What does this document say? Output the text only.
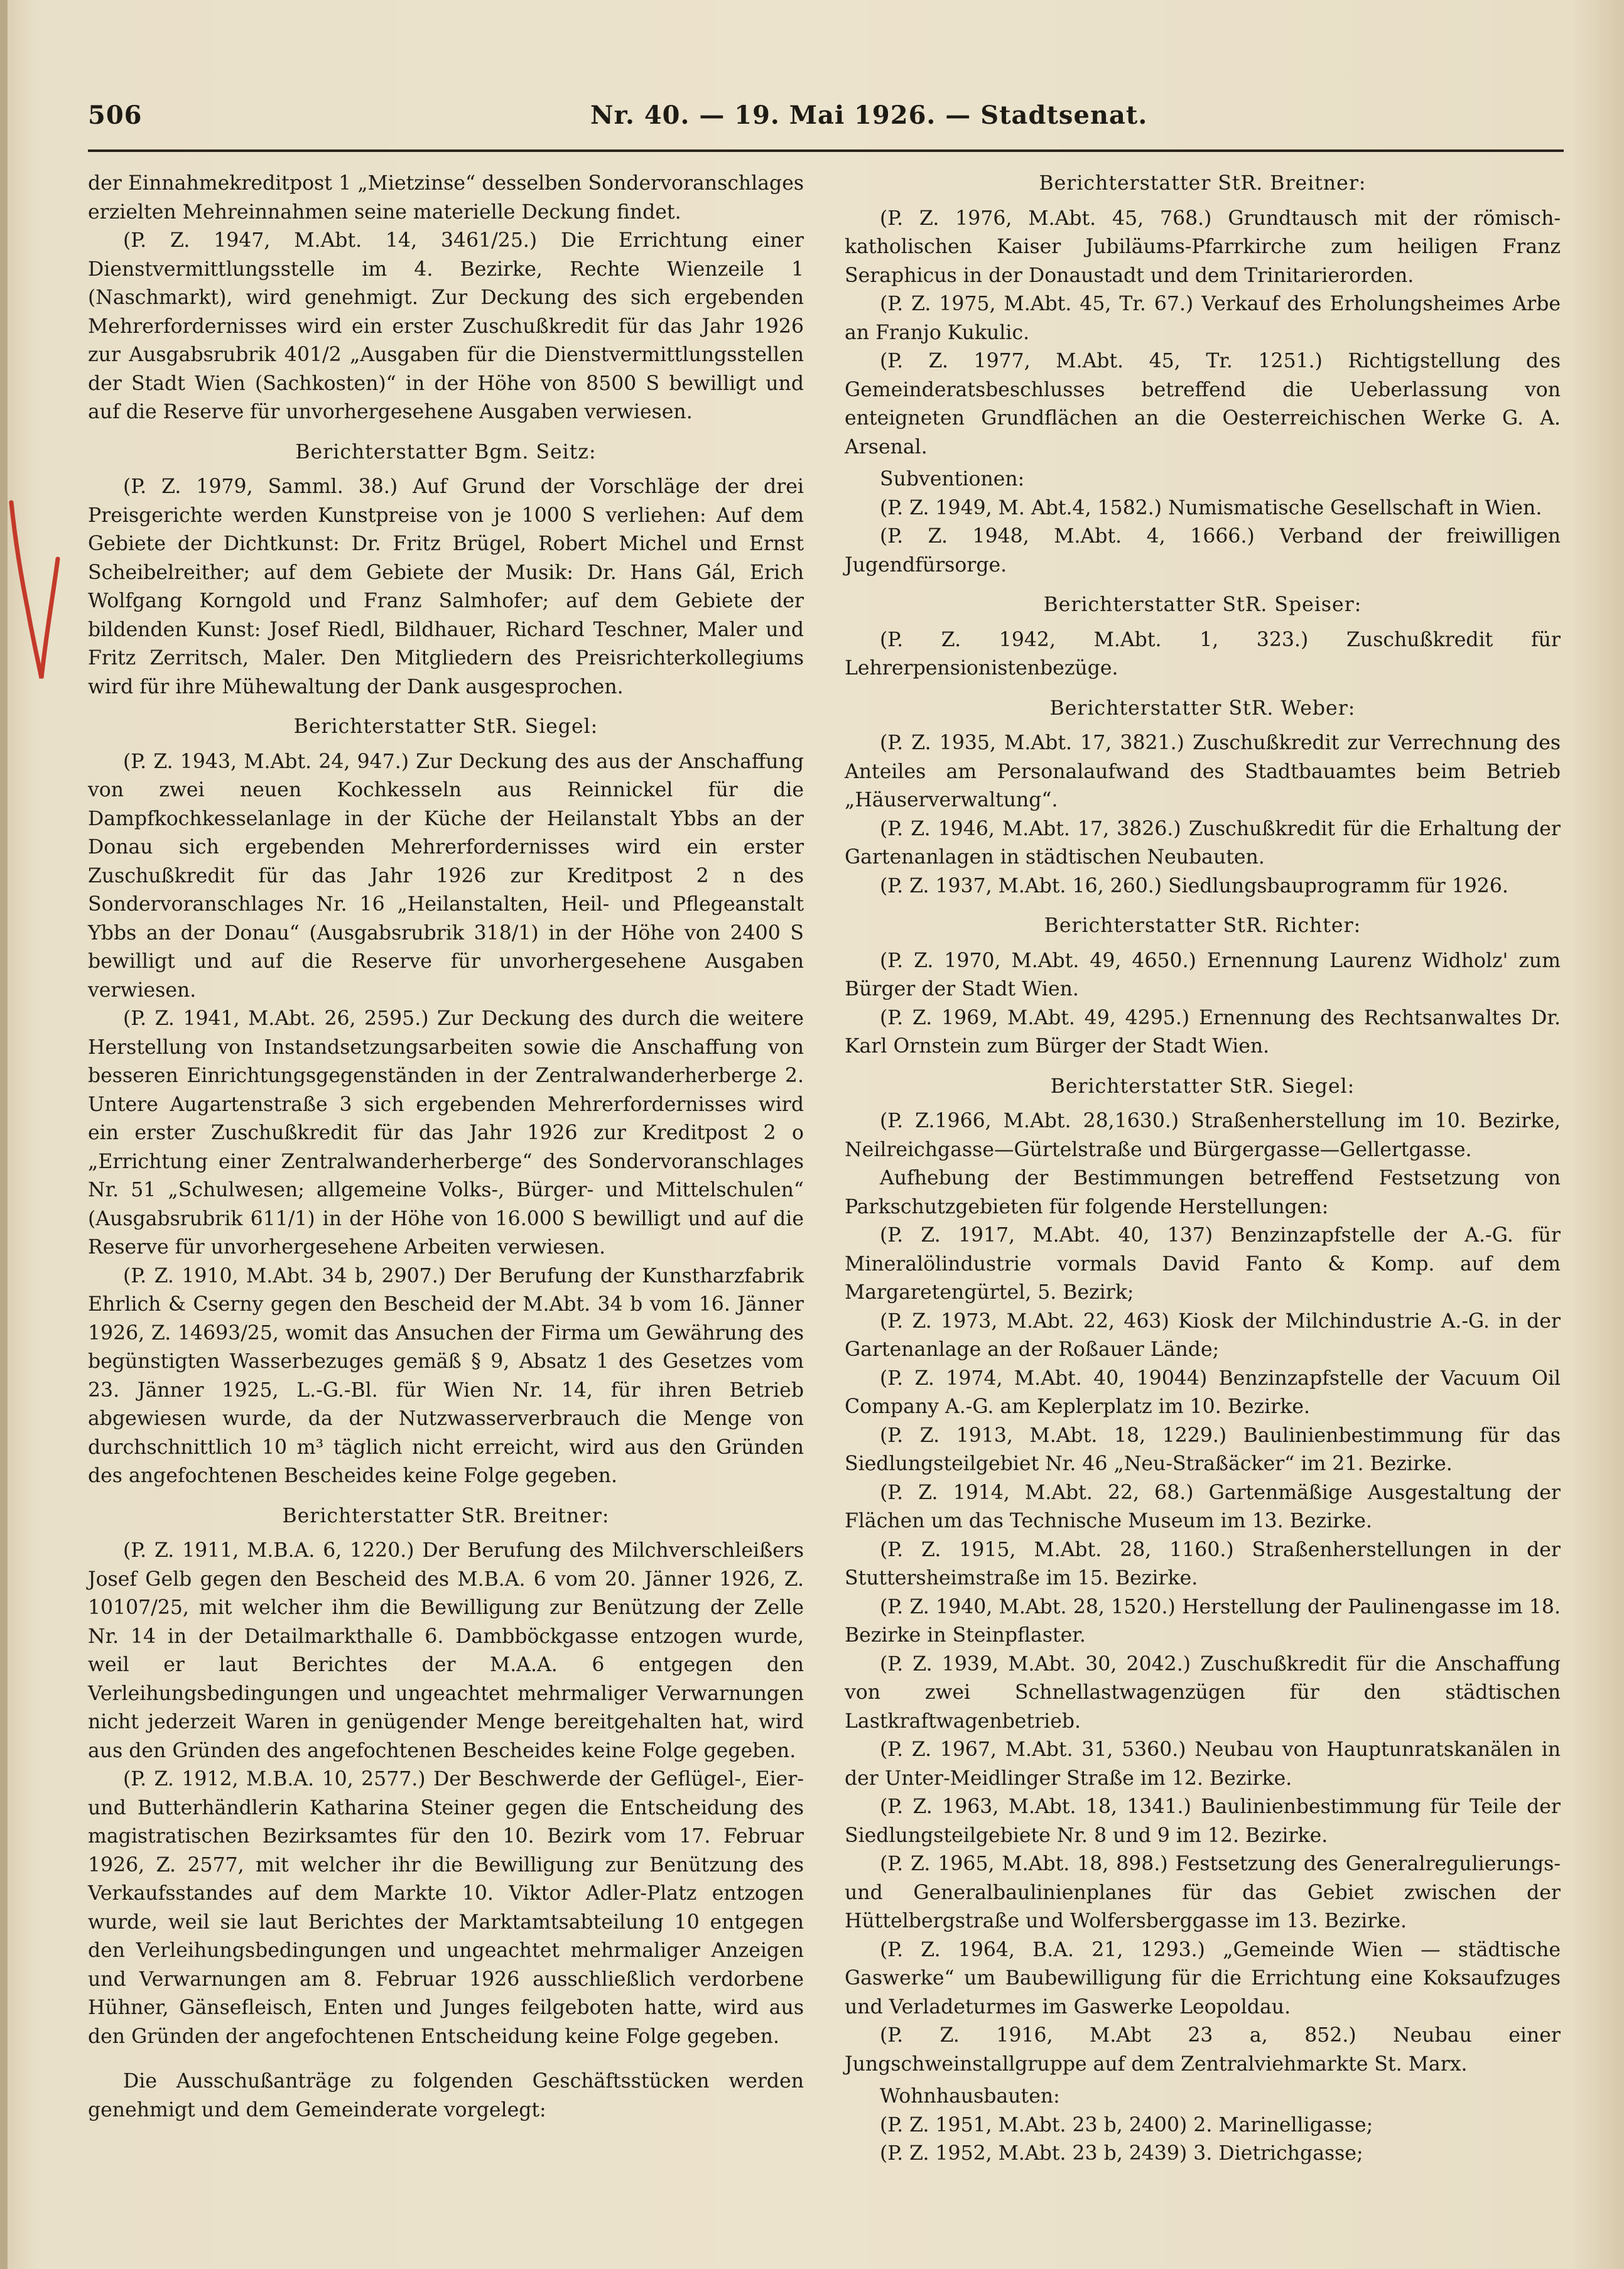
506	Nr. 40. — 19. Mai 1926. — Stadtsenat.

der Einnahmekreditpost 1 „Mietzinse“ desselben Sondervoranschlages erzielten Mehreinnahmen seine materielle Deckung findet.

(P. Z. 1947, M.Abt. 14, 3461/25.) Die Errichtung einer Dienstvermittlungsstelle im 4. Bezirke, Rechte Wienzeile 1 (Naschmarkt), wird genehmigt. Zur Deckung des sich ergebenden Mehrerfordernisses wird ein erster Zuschußkredit für das Jahr 1926 zur Ausgabsrubrik 401/2 „Ausgaben für die Dienstvermittlungsstellen der Stadt Wien (Sachkosten)“ in der Höhe von 8500 S bewilligt und auf die Reserve für unvorhergesehene Ausgaben verwiesen.

Berichterstatter Bgm. Seitz:

(P. Z. 1979, Samml. 38.) Auf Grund der Vorschläge der drei Preisgerichte werden Kunstpreise von je 1000 S verliehen: Auf dem Gebiete der Dichtkunst: Dr. Fritz Brügel, Robert Michel und Ernst Scheibelreither; auf dem Gebiete der Musik: Dr. Hans Gál, Erich Wolfgang Korngold und Franz Salmhofer; auf dem Gebiete der bildenden Kunst: Josef Riedl, Bildhauer, Richard Teschner, Maler und Fritz Zerritsch, Maler. Den Mitgliedern des Preisrichterkollegiums wird für ihre Mühewaltung der Dank ausgesprochen.

Berichterstatter StR. Siegel:

(P. Z. 1943, M.Abt. 24, 947.) Zur Deckung des aus der Anschaffung von zwei neuen Kochkesseln aus Reinnickel für die Dampfkochkesselanlage in der Küche der Heilanstalt Ybbs an der Donau sich ergebenden Mehrerfordernisses wird ein erster Zuschußkredit für das Jahr 1926 zur Kreditpost 2 n des Sondervoranschlages Nr. 16 „Heilanstalten, Heil- und Pflegeanstalt Ybbs an der Donau“ (Ausgabsrubrik 318/1) in der Höhe von 2400 S bewilligt und auf die Reserve für unvorhergesehene Ausgaben verwiesen.

(P. Z. 1941, M.Abt. 26, 2595.) Zur Deckung des durch die weitere Herstellung von Instandsetzungsarbeiten sowie die Anschaffung von besseren Einrichtungsgegenständen in der Zentralwanderherberge 2. Untere Augartenstraße 3 sich ergebenden Mehrerfordernisses wird ein erster Zuschußkredit für das Jahr 1926 zur Kreditpost 2 o „Errichtung einer Zentralwanderherberge“ des Sondervoranschlages Nr. 51 „Schulwesen; allgemeine Volks-, Bürger- und Mittelschulen“ (Ausgabsrubrik 611/1) in der Höhe von 16.000 S bewilligt und auf die Reserve für unvorhergesehene Arbeiten verwiesen.

(P. Z. 1910, M.Abt. 34 b, 2907.) Der Berufung der Kunstharzfabrik Ehrlich & Cserny gegen den Bescheid der M.Abt. 34 b vom 16. Jänner 1926, Z. 14693/25, womit das Ansuchen der Firma um Gewährung des begünstigten Wasserbezuges gemäß § 9, Absatz 1 des Gesetzes vom 23. Jänner 1925, L.-G.-Bl. für Wien Nr. 14, für ihren Betrieb abgewiesen wurde, da der Nutzwasserverbrauch die Menge von durchschnittlich 10 m³ täglich nicht erreicht, wird aus den Gründen des angefochtenen Bescheides keine Folge gegeben.

Berichterstatter StR. Breitner:

(P. Z. 1911, M.B.A. 6, 1220.) Der Berufung des Milchverschleißers Josef Gelb gegen den Bescheid des M.B.A. 6 vom 20. Jänner 1926, Z. 10107/25, mit welcher ihm die Bewilligung zur Benützung der Zelle Nr. 14 in der Detailmarkthalle 6. Dambböckgasse entzogen wurde, weil er laut Berichtes der M.A.A. 6 entgegen den Verleihungsbedingungen und ungeachtet mehrmaliger Verwarnungen nicht jederzeit Waren in genügender Menge bereitgehalten hat, wird aus den Gründen des angefochtenen Bescheides keine Folge gegeben.

(P. Z. 1912, M.B.A. 10, 2577.) Der Beschwerde der Geflügel-, Eier- und Butterhändlerin Katharina Steiner gegen die Entscheidung des magistratischen Bezirksamtes für den 10. Bezirk vom 17. Februar 1926, Z. 2577, mit welcher ihr die Bewilligung zur Benützung des Verkaufsstandes auf dem Markte 10. Viktor Adler-Platz entzogen wurde, weil sie laut Berichtes der Marktamtsabteilung 10 entgegen den Verleihungsbedingungen und ungeachtet mehrmaliger Anzeigen und Verwarnungen am 8. Februar 1926 ausschließlich verdorbene Hühner, Gänsefleisch, Enten und Junges feilgeboten hatte, wird aus den Gründen der angefochtenen Entscheidung keine Folge gegeben.

Die Ausschußanträge zu folgenden Geschäftsstücken werden genehmigt und dem Gemeinderate vorgelegt:

Berichterstatter StR. Breitner:

(P. Z. 1976, M.Abt. 45, 768.) Grundtausch mit der römisch-katholischen Kaiser Jubiläums-Pfarrkirche zum heiligen Franz Seraphicus in der Donaustadt und dem Trinitarierorden.

(P. Z. 1975, M.Abt. 45, Tr. 67.) Verkauf des Erholungsheimes Arbe an Franjo Kukulic.

(P. Z. 1977, M.Abt. 45, Tr. 1251.) Richtigstellung des Gemeinderatsbeschlusses betreffend die Ueberlassung von enteigneten Grundflächen an die Oesterreichischen Werke G. A. Arsenal.

Subventionen:

(P. Z. 1949, M. Abt.4, 1582.) Numismatische Gesellschaft in Wien.

(P. Z. 1948, M.Abt. 4, 1666.) Verband der freiwilligen Jugendfürsorge.

Berichterstatter StR. Speiser:

(P. Z. 1942, M.Abt. 1, 323.) Zuschußkredit für Lehrerpensionistenbezüge.

Berichterstatter StR. Weber:

(P. Z. 1935, M.Abt. 17, 3821.) Zuschußkredit zur Verrechnung des Anteiles am Personalaufwand des Stadtbauamtes beim Betrieb „Häuserverwaltung“.

(P. Z. 1946, M.Abt. 17, 3826.) Zuschußkredit für die Erhaltung der Gartenanlagen in städtischen Neubauten.

(P. Z. 1937, M.Abt. 16, 260.) Siedlungsbauprogramm für 1926.

Berichterstatter StR. Richter:

(P. Z. 1970, M.Abt. 49, 4650.) Ernennung Laurenz Widholz' zum Bürger der Stadt Wien.

(P. Z. 1969, M.Abt. 49, 4295.) Ernennung des Rechtsanwaltes Dr. Karl Ornstein zum Bürger der Stadt Wien.

Berichterstatter StR. Siegel:

(P. Z.1966, M.Abt. 28,1630.) Straßenherstellung im 10. Bezirke, Neilreichgasse—Gürtelstraße und Bürgergasse—Gellertgasse.

Aufhebung der Bestimmungen betreffend Festsetzung von Parkschutzgebieten für folgende Herstellungen:

(P. Z. 1917, M.Abt. 40, 137) Benzinzapfstelle der A.-G. für Mineralölindustrie vormals David Fanto & Komp. auf dem Margaretengürtel, 5. Bezirk;

(P. Z. 1973, M.Abt. 22, 463) Kiosk der Milchindustrie A.-G. in der Gartenanlage an der Roßauer Lände;

(P. Z. 1974, M.Abt. 40, 19044) Benzinzapfstelle der Vacuum Oil Company A.-G. am Keplerplatz im 10. Bezirke.

(P. Z. 1913, M.Abt. 18, 1229.) Baulinienbestimmung für das Siedlungsteilgebiet Nr. 46 „Neu-Straßäcker“ im 21. Bezirke.

(P. Z. 1914, M.Abt. 22, 68.) Gartenmäßige Ausgestaltung der Flächen um das Technische Museum im 13. Bezirke.

(P. Z. 1915, M.Abt. 28, 1160.) Straßenherstellungen in der Stuttersheimstraße im 15. Bezirke.

(P. Z. 1940, M.Abt. 28, 1520.) Herstellung der Paulinengasse im 18. Bezirke in Steinpflaster.

(P. Z. 1939, M.Abt. 30, 2042.) Zuschußkredit für die Anschaffung von zwei Schnellastwagenzügen für den städtischen Lastkraftwagenbetrieb.

(P. Z. 1967, M.Abt. 31, 5360.) Neubau von Hauptunratskanälen in der Unter-Meidlinger Straße im 12. Bezirke.

(P. Z. 1963, M.Abt. 18, 1341.) Baulinienbestimmung für Teile der Siedlungsteilgebiete Nr. 8 und 9 im 12. Bezirke.

(P. Z. 1965, M.Abt. 18, 898.) Festsetzung des Generalregulierungs- und Generalbaulinienplanes für das Gebiet zwischen der Hüttelbergstraße und Wolfersberggasse im 13. Bezirke.

(P. Z. 1964, B.A. 21, 1293.) „Gemeinde Wien — städtische Gaswerke“ um Baubewilligung für die Errichtung eine Koksaufzuges und Verladeturmes im Gaswerke Leopoldau.

(P. Z. 1916, M.Abt 23 a, 852.) Neubau einer Jungschweinstallgruppe auf dem Zentralviehmarkte St. Marx.

Wohnhausbauten:

(P. Z. 1951, M.Abt. 23 b, 2400) 2. Marinelligasse;

(P. Z. 1952, M.Abt. 23 b, 2439) 3. Dietrichgasse;
